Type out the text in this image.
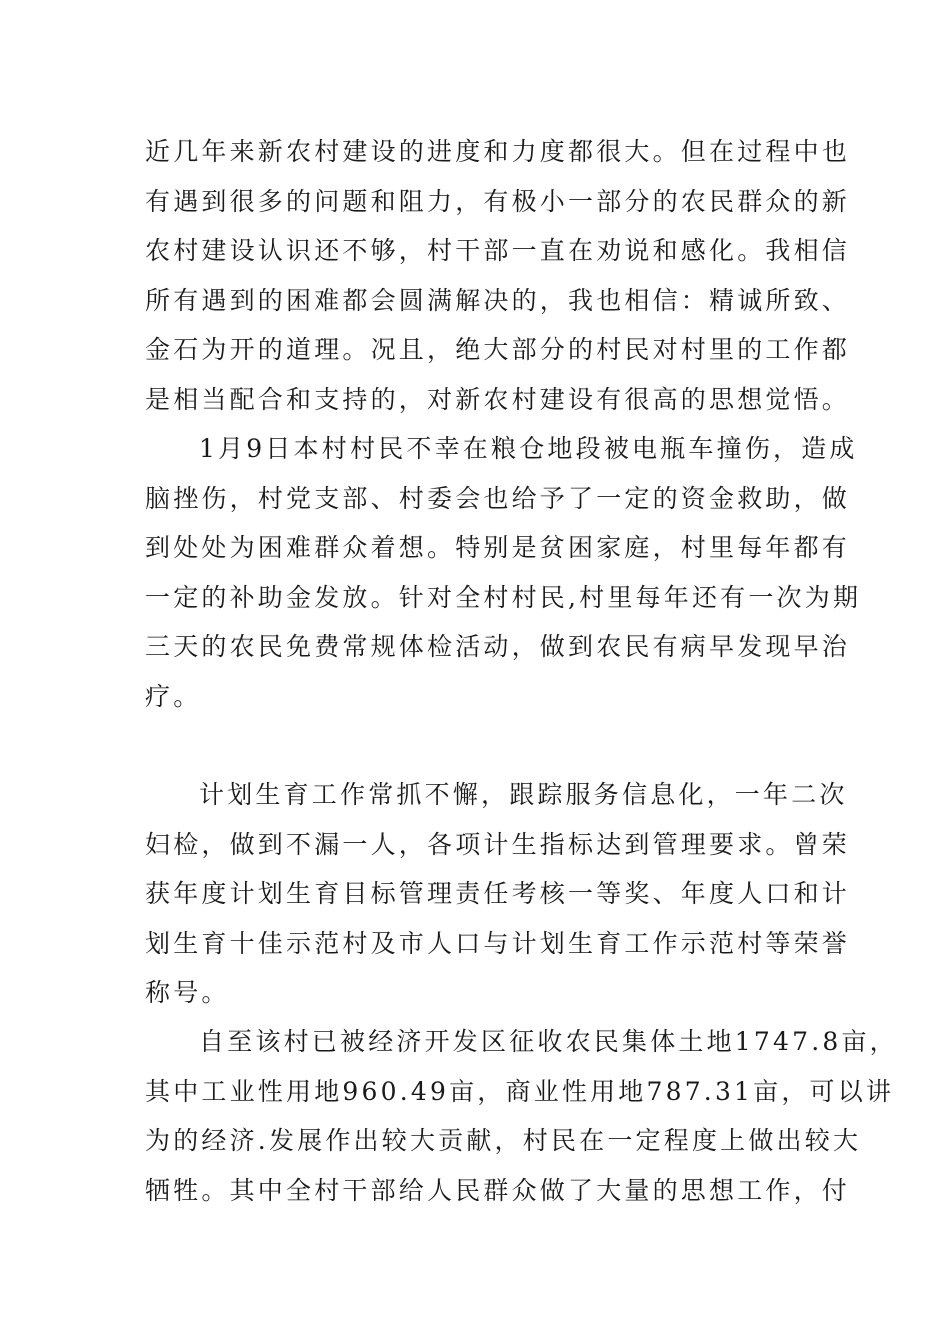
近几年来新农村建设的进度和力度都很大。但在过程中也
有遇到很多的问题和阻力，有极小一部分的农民群众的新
农村建设认识还不够，村干部一直在劝说和感化。我相信
所有遇到的困难都会圆满解决的，我也相信：精诚所致、
金石为开的道理。况且，绝大部分的村民对村里的工作都
是相当配合和支持的，对新农村建设有很高的思想觉悟。
1月9日本村村民不幸在粮仓地段被电瓶车撞伤，造成
脑挫伤，村党支部、村委会也给予了一定的资金救助，做
到处处为困难群众着想。特别是贫困家庭，村里每年都有
一定的补助金发放。针对全村村民,村里每年还有一次为期
三天的农民免费常规体检活动，做到农民有病早发现早治
疗。
计划生育工作常抓不懈，跟踪服务信息化，一年二次
妇检，做到不漏一人，各项计生指标达到管理要求。曾荣
获年度计划生育目标管理责任考核一等奖、年度人口和计
划生育十佳示范村及市人口与计划生育工作示范村等荣誉
称号。
自至该村已被经济开发区征收农民集体土地1747.8亩，
其中工业性用地960.49亩，商业性用地787.31亩，可以讲
为的经济.发展作出较大贡献，村民在一定程度上做出较大
牺牲。其中全村干部给人民群众做了大量的思想工作，付
